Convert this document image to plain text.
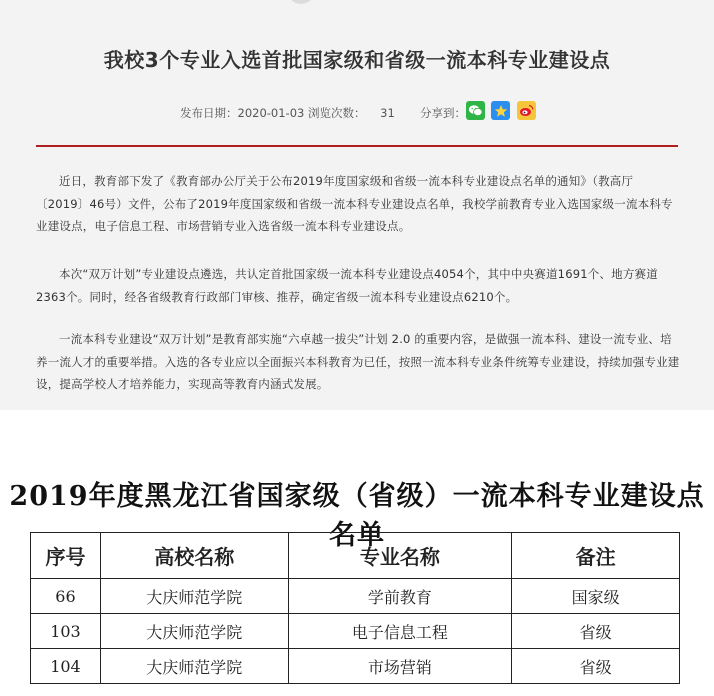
我校3个专业入选首批国家级和省级一流本科专业建设点
发布日期：2020-01-03 浏览次数： 31 分享到：

近日，教育部下发了《教育部办公厅关于公布2019年度国家级和省级一流本科专业建设点名单的通知》（教高厅〔2019〕46号）文件，公布了2019年度国家级和省级一流本科专业建设点名单，我校学前教育专业入选国家级一流本科专业建设点，电子信息工程、市场营销专业入选省级一流本科专业建设点。

本次“双万计划”专业建设点遴选，共认定首批国家级一流本科专业建设点4054个，其中中央赛道1691个、地方赛道2363个。同时，经各省级教育行政部门审核、推荐，确定省级一流本科专业建设点6210个。

一流本科专业建设“双万计划”是教育部实施“六卓越一拔尖”计划 2.0 的重要内容，是做强一流本科、建设一流专业、培养一流人才的重要举措。入选的各专业应以全面振兴本科教育为已任，按照一流本科专业条件统筹专业建设，持续加强专业建设，提高学校人才培养能力，实现高等教育内涵式发展。

2019年度黑龙江省国家级（省级）一流本科专业建设点名单
序号	高校名称	专业名称	备注
66	大庆师范学院	学前教育	国家级
103	大庆师范学院	电子信息工程	省级
104	大庆师范学院	市场营销	省级
